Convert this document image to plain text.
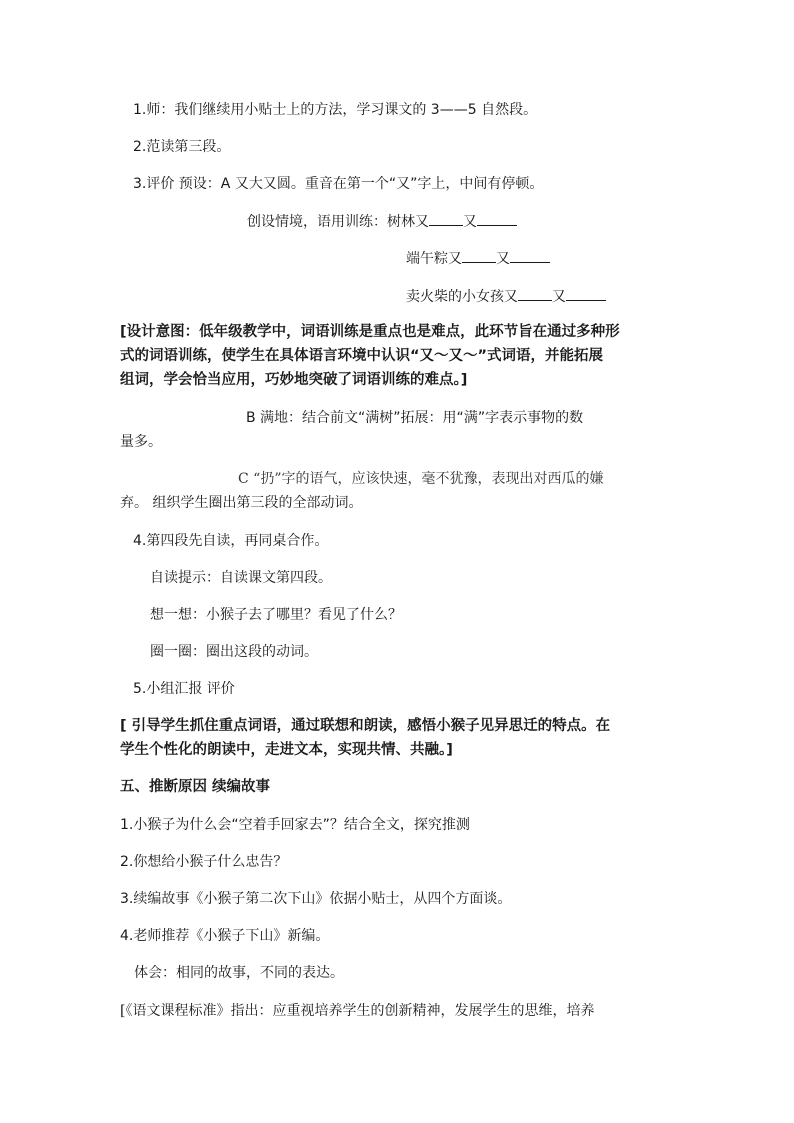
1.师：我们继续用小贴士上的方法，学习课文的 3——5 自然段。
2.范读第三段。
3.评价 预设：A 又大又圆。重音在第一个“又”字上，中间有停顿。
创设情境，语用训练：树林又 又
端午粽又 又
卖火柴的小女孩又 又
[设计意图：低年级教学中，词语训练是重点也是难点，此环节旨在通过多种形
式的词语训练，使学生在具体语言环境中认识“又～又～”式词语，并能拓展
组词，学会恰当应用，巧妙地突破了词语训练的难点。]
B 满地：结合前文“满树”拓展：用“满”字表示事物的数
量多。
C “扔”字的语气，应该快速，毫不犹豫，表现出对西瓜的嫌
弃。 组织学生圈出第三段的全部动词。
4.第四段先自读，再同桌合作。
自读提示：自读课文第四段。
想一想：小猴子去了哪里？看见了什么？
圈一圈：圈出这段的动词。
5.小组汇报 评价
[ 引导学生抓住重点词语，通过联想和朗读，感悟小猴子见异思迁的特点。在
学生个性化的朗读中，走进文本，实现共情、共融。]
五、推断原因 续编故事
1.小猴子为什么会“空着手回家去”？结合全文，探究推测
2.你想给小猴子什么忠告？
3.续编故事《小猴子第二次下山》依据小贴士，从四个方面谈。
4.老师推荐《小猴子下山》新编。
体会：相同的故事，不同的表达。
[《语文课程标准》指出：应重视培养学生的创新精神，发展学生的思维，培养
